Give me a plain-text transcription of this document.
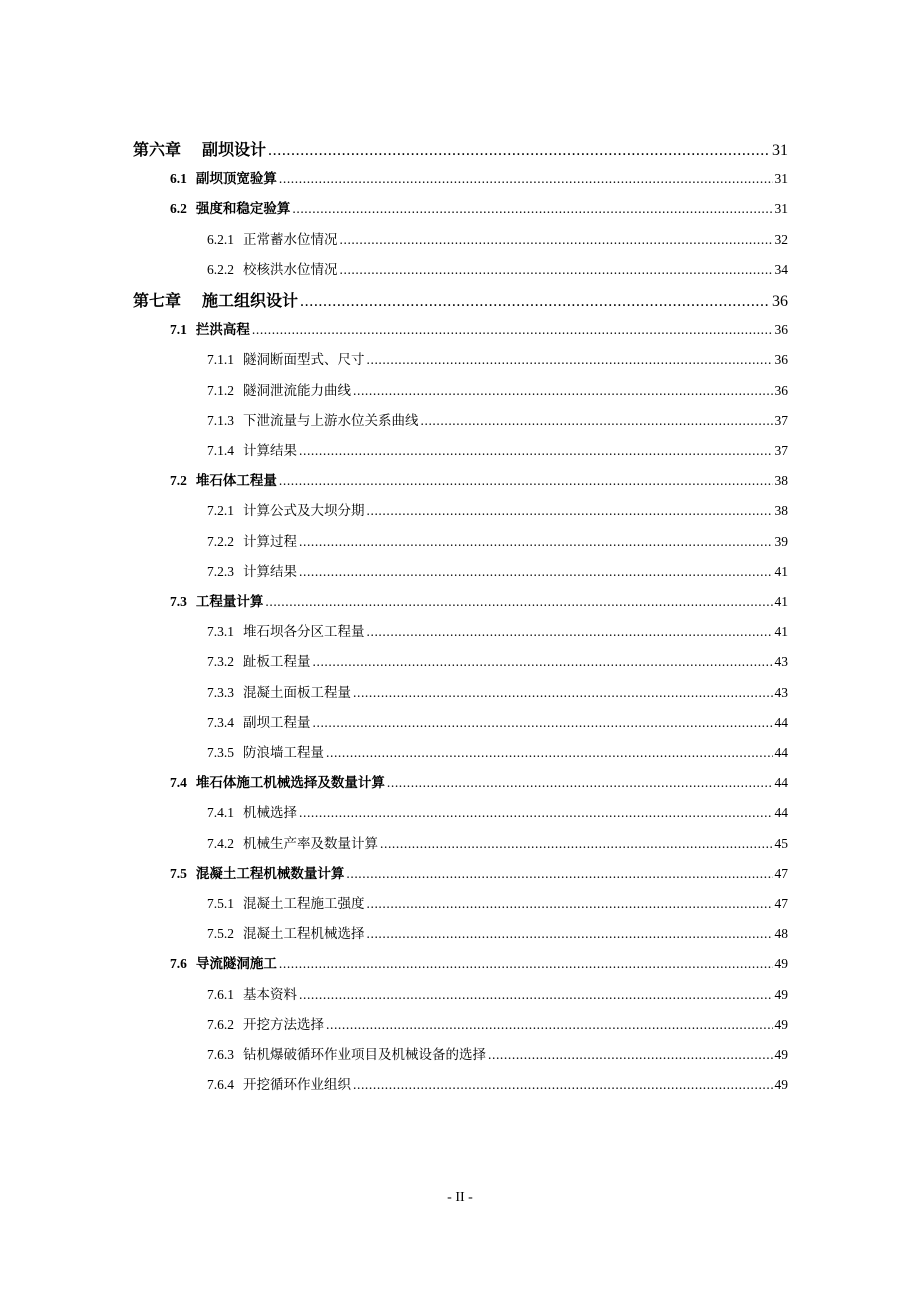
第六章 副坝设计 .....	31
6.1 副坝顶宽验算 .....	31
6.2 强度和稳定验算 .....	31
6.2.1 正常蓄水位情况 .....	32
6.2.2 校核洪水位情况 .....	34
第七章 施工组织设计 .....	36
7.1 拦洪高程 .....	36
7.1.1 隧洞断面型式、尺寸 .....	36
7.1.2 隧洞泄流能力曲线 .....	36
7.1.3 下泄流量与上游水位关系曲线 .....	37
7.1.4 计算结果 .....	37
7.2 堆石体工程量 .....	38
7.2.1 计算公式及大坝分期 .....	38
7.2.2 计算过程 .....	39
7.2.3 计算结果 .....	41
7.3 工程量计算 .....	41
7.3.1 堆石坝各分区工程量 .....	41
7.3.2 趾板工程量 .....	43
7.3.3 混凝土面板工程量 .....	43
7.3.4 副坝工程量 .....	44
7.3.5 防浪墙工程量 .....	44
7.4 堆石体施工机械选择及数量计算 .....	44
7.4.1 机械选择 .....	44
7.4.2 机械生产率及数量计算 .....	45
7.5 混凝土工程机械数量计算 .....	47
7.5.1 混凝土工程施工强度 .....	47
7.5.2 混凝土工程机械选择 .....	48
7.6 导流隧洞施工 .....	49
7.6.1 基本资料 .....	49
7.6.2 开挖方法选择 .....	49
7.6.3 钻机爆破循环作业项目及机械设备的选择 .....	49
7.6.4 开挖循环作业组织 .....	49
- II -
